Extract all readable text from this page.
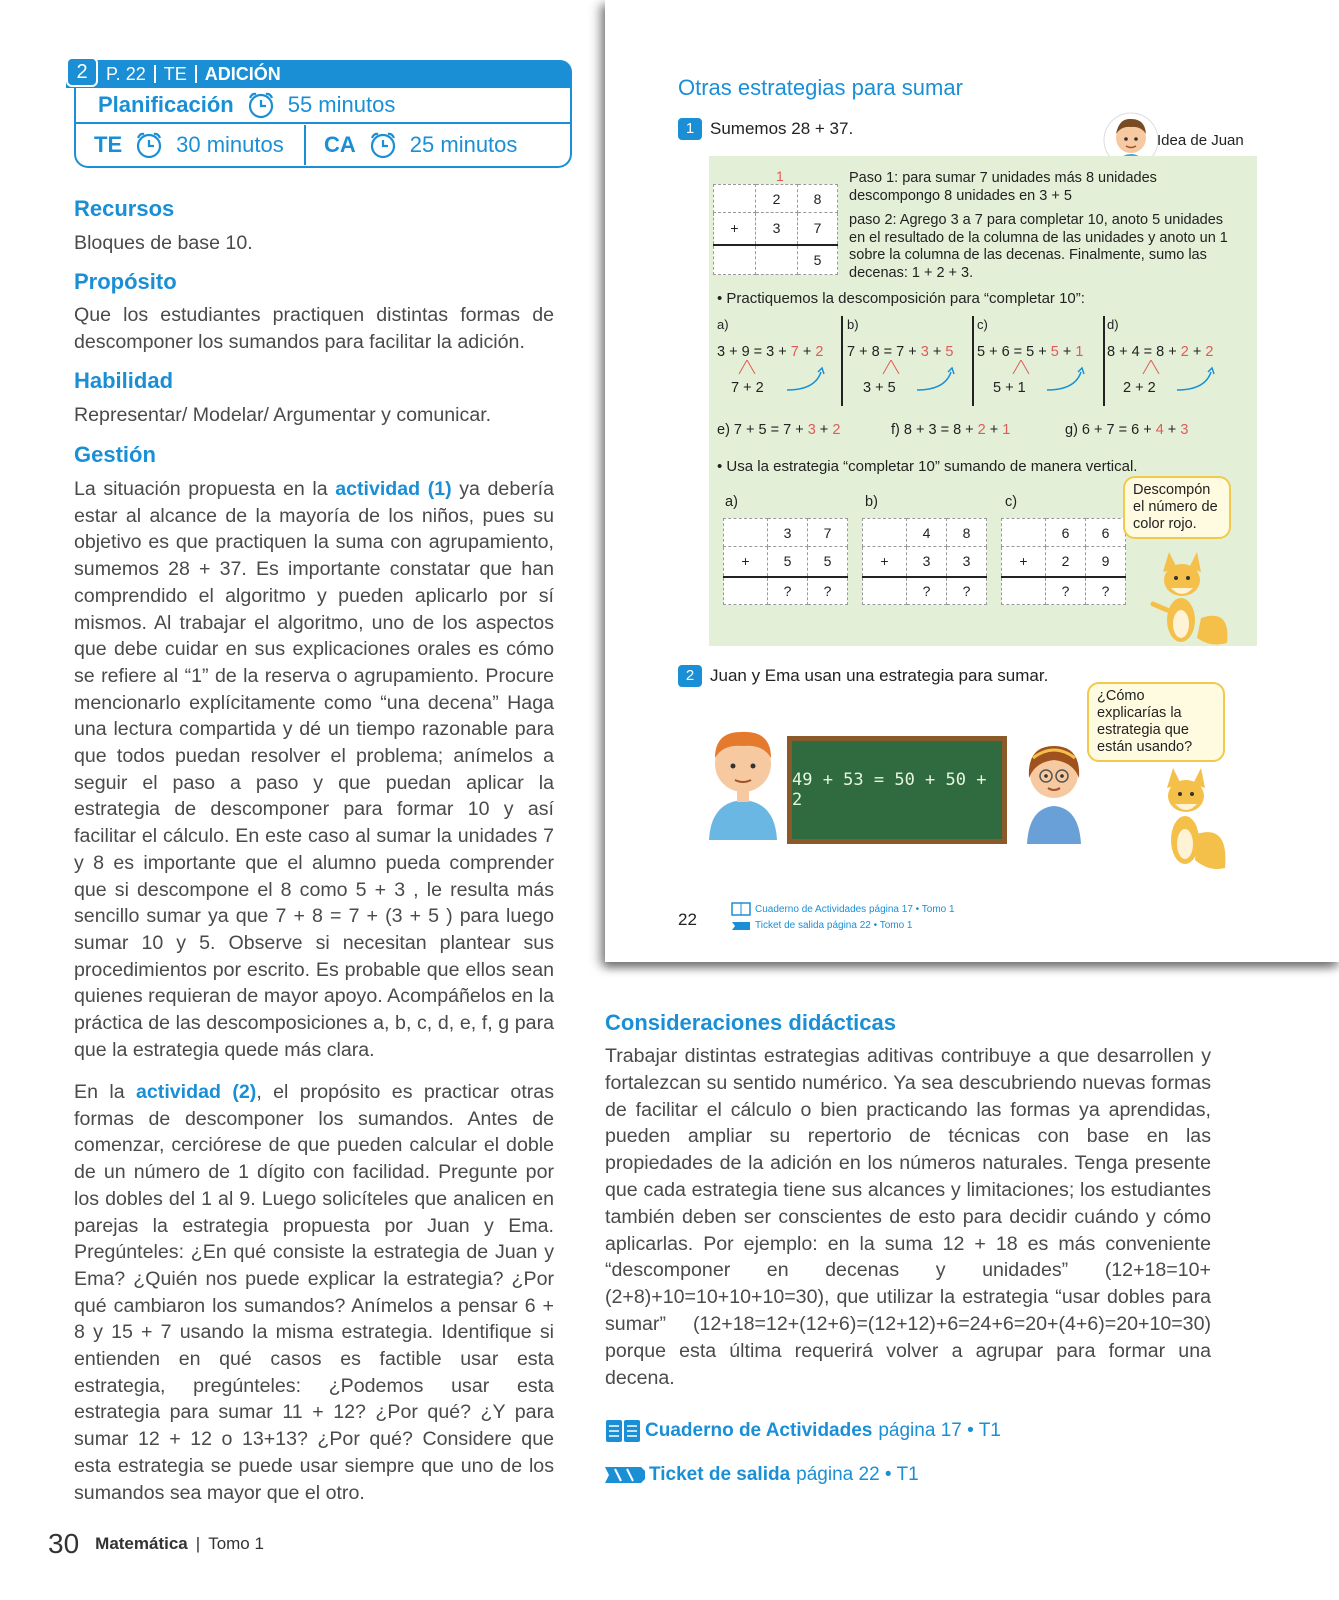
2	P. 22	TE	ADICIÓN
Planificación 55 minutos
TE 30 minutos CA 25 minutos
Recursos
Bloques de base 10.
Propósito
Que los estudiantes practiquen distintas formas de descomponer los sumandos para facilitar la adición.
Habilidad
Representar/ Modelar/ Argumentar y comunicar.
Gestión
La situación propuesta en la actividad (1) ya debería estar al alcance de la mayoría de los niños, pues su objetivo es que practiquen la suma con agrupamiento, sumemos 28 + 37. Es importante constatar que han comprendido el algoritmo y pueden aplicarlo por sí mismos. Al trabajar el algoritmo, uno de los aspectos que debe cuidar en sus explicaciones orales es cómo se refiere al “1” de la reserva o agrupamiento. Procure mencionarlo explícitamente como “una decena” Haga una lectura compartida y dé un tiempo razonable para que todos puedan resolver el problema; anímelos a seguir el paso a paso y que puedan aplicar la estrategia de descomponer para formar 10 y así facilitar el cálculo. En este caso al sumar la unidades 7 y 8 es importante que el alumno pueda comprender que si descompone el 8 como 5 + 3 , le resulta más sencillo sumar ya que 7 + 8 = 7 + (3 + 5 ) para luego sumar 10 y 5. Observe si necesitan plantear sus procedimientos por escrito. Es probable que ellos sean quienes requieran de mayor apoyo. Acompáñelos en la práctica de las descomposiciones a, b, c, d, e, f, g para que la estrategia quede más clara.
En la actividad (2), el propósito es practicar otras formas de descomponer los sumandos. Antes de comenzar, cerciórese de que pueden calcular el doble de un número de 1 dígito con facilidad. Pregunte por los dobles del 1 al 9. Luego solicíteles que analicen en parejas la estrategia propuesta por Juan y Ema. Pregúnteles: ¿En qué consiste la estrategia de Juan y Ema? ¿Quién nos puede explicar la estrategia? ¿Por qué cambiaron los sumandos? Anímelos a pensar 6 + 8 y 15 + 7 usando la misma estrategia. Identifique si entienden en qué casos es factible usar esta estrategia, pregúnteles: ¿Podemos usar esta estrategia para sumar 11 + 12? ¿Por qué? ¿Y para sumar 12 + 12 o 13+13? ¿Por qué? Considere que esta estrategia se puede usar siempre que uno de los sumandos sea mayor que el otro.
Otras estrategias para sumar
1 Sumemos 28 + 37.
Idea de Juan
1
	2	8
+	3	7
		5
Paso 1: para sumar 7 unidades más 8 unidades descompongo 8 unidades en 3 + 5
paso 2: Agrego 3 a 7 para completar 10, anoto 5 unidades en el resultado de la columna de las unidades y anoto un 1 sobre la columna de las decenas. Finalmente, sumo las decenas: 1 + 2 + 3.
• Practiquemos la descomposición para “completar 10”:
a)
3 + 9 = 3 + 7 + 2
7 + 2
b)
7 + 8 = 7 + 3 + 5
3 + 5
c)
5 + 6 = 5 + 5 + 1
5 + 1
d)
8 + 4 = 8 + 2 + 2
2 + 2
e) 7 + 5 = 7 + 3 + 2	f) 8 + 3 = 8 + 2 + 1	g) 6 + 7 = 6 + 4 + 3
• Usa la estrategia “completar 10” sumando de manera vertical.
a)	b)	c)
	3	7
+	5	5
	?	?
	4	8
+	3	3
	?	?
	6	6
+	2	9
	?	?
Descompón el número de color rojo.
2 Juan y Ema usan una estrategia para sumar.
¿Cómo explicarías la estrategia que están usando?
49 + 53 = 50 + 50 + 2
22
Cuaderno de Actividades página 17 • Tomo 1
Ticket de salida página 22 • Tomo 1
Consideraciones didácticas
Trabajar distintas estrategias aditivas contribuye a que desarrollen y fortalezcan su sentido numérico. Ya sea descubriendo nuevas formas de facilitar el cálculo o bien practicando las formas ya aprendidas, pueden ampliar su repertorio de técnicas con base en las propiedades de la adición en los números naturales. Tenga presente que cada estrategia tiene sus alcances y limitaciones; los estudiantes también deben ser conscientes de esto para decidir cuándo y cómo aplicarlas. Por ejemplo: en la suma 12 + 18 es más conveniente “descomponer en decenas y unidades” (12+18=10+(2+8)+10=10+10+10=30), que utilizar la estrategia “usar dobles para sumar” (12+18=12+(12+6)=(12+12)+6=24+6=20+(4+6)=20+10=30) porque esta última requerirá volver a agrupar para formar una decena.
Cuaderno de Actividades página 17 • T1
Ticket de salida página 22 • T1
30 Matemática | Tomo 1
